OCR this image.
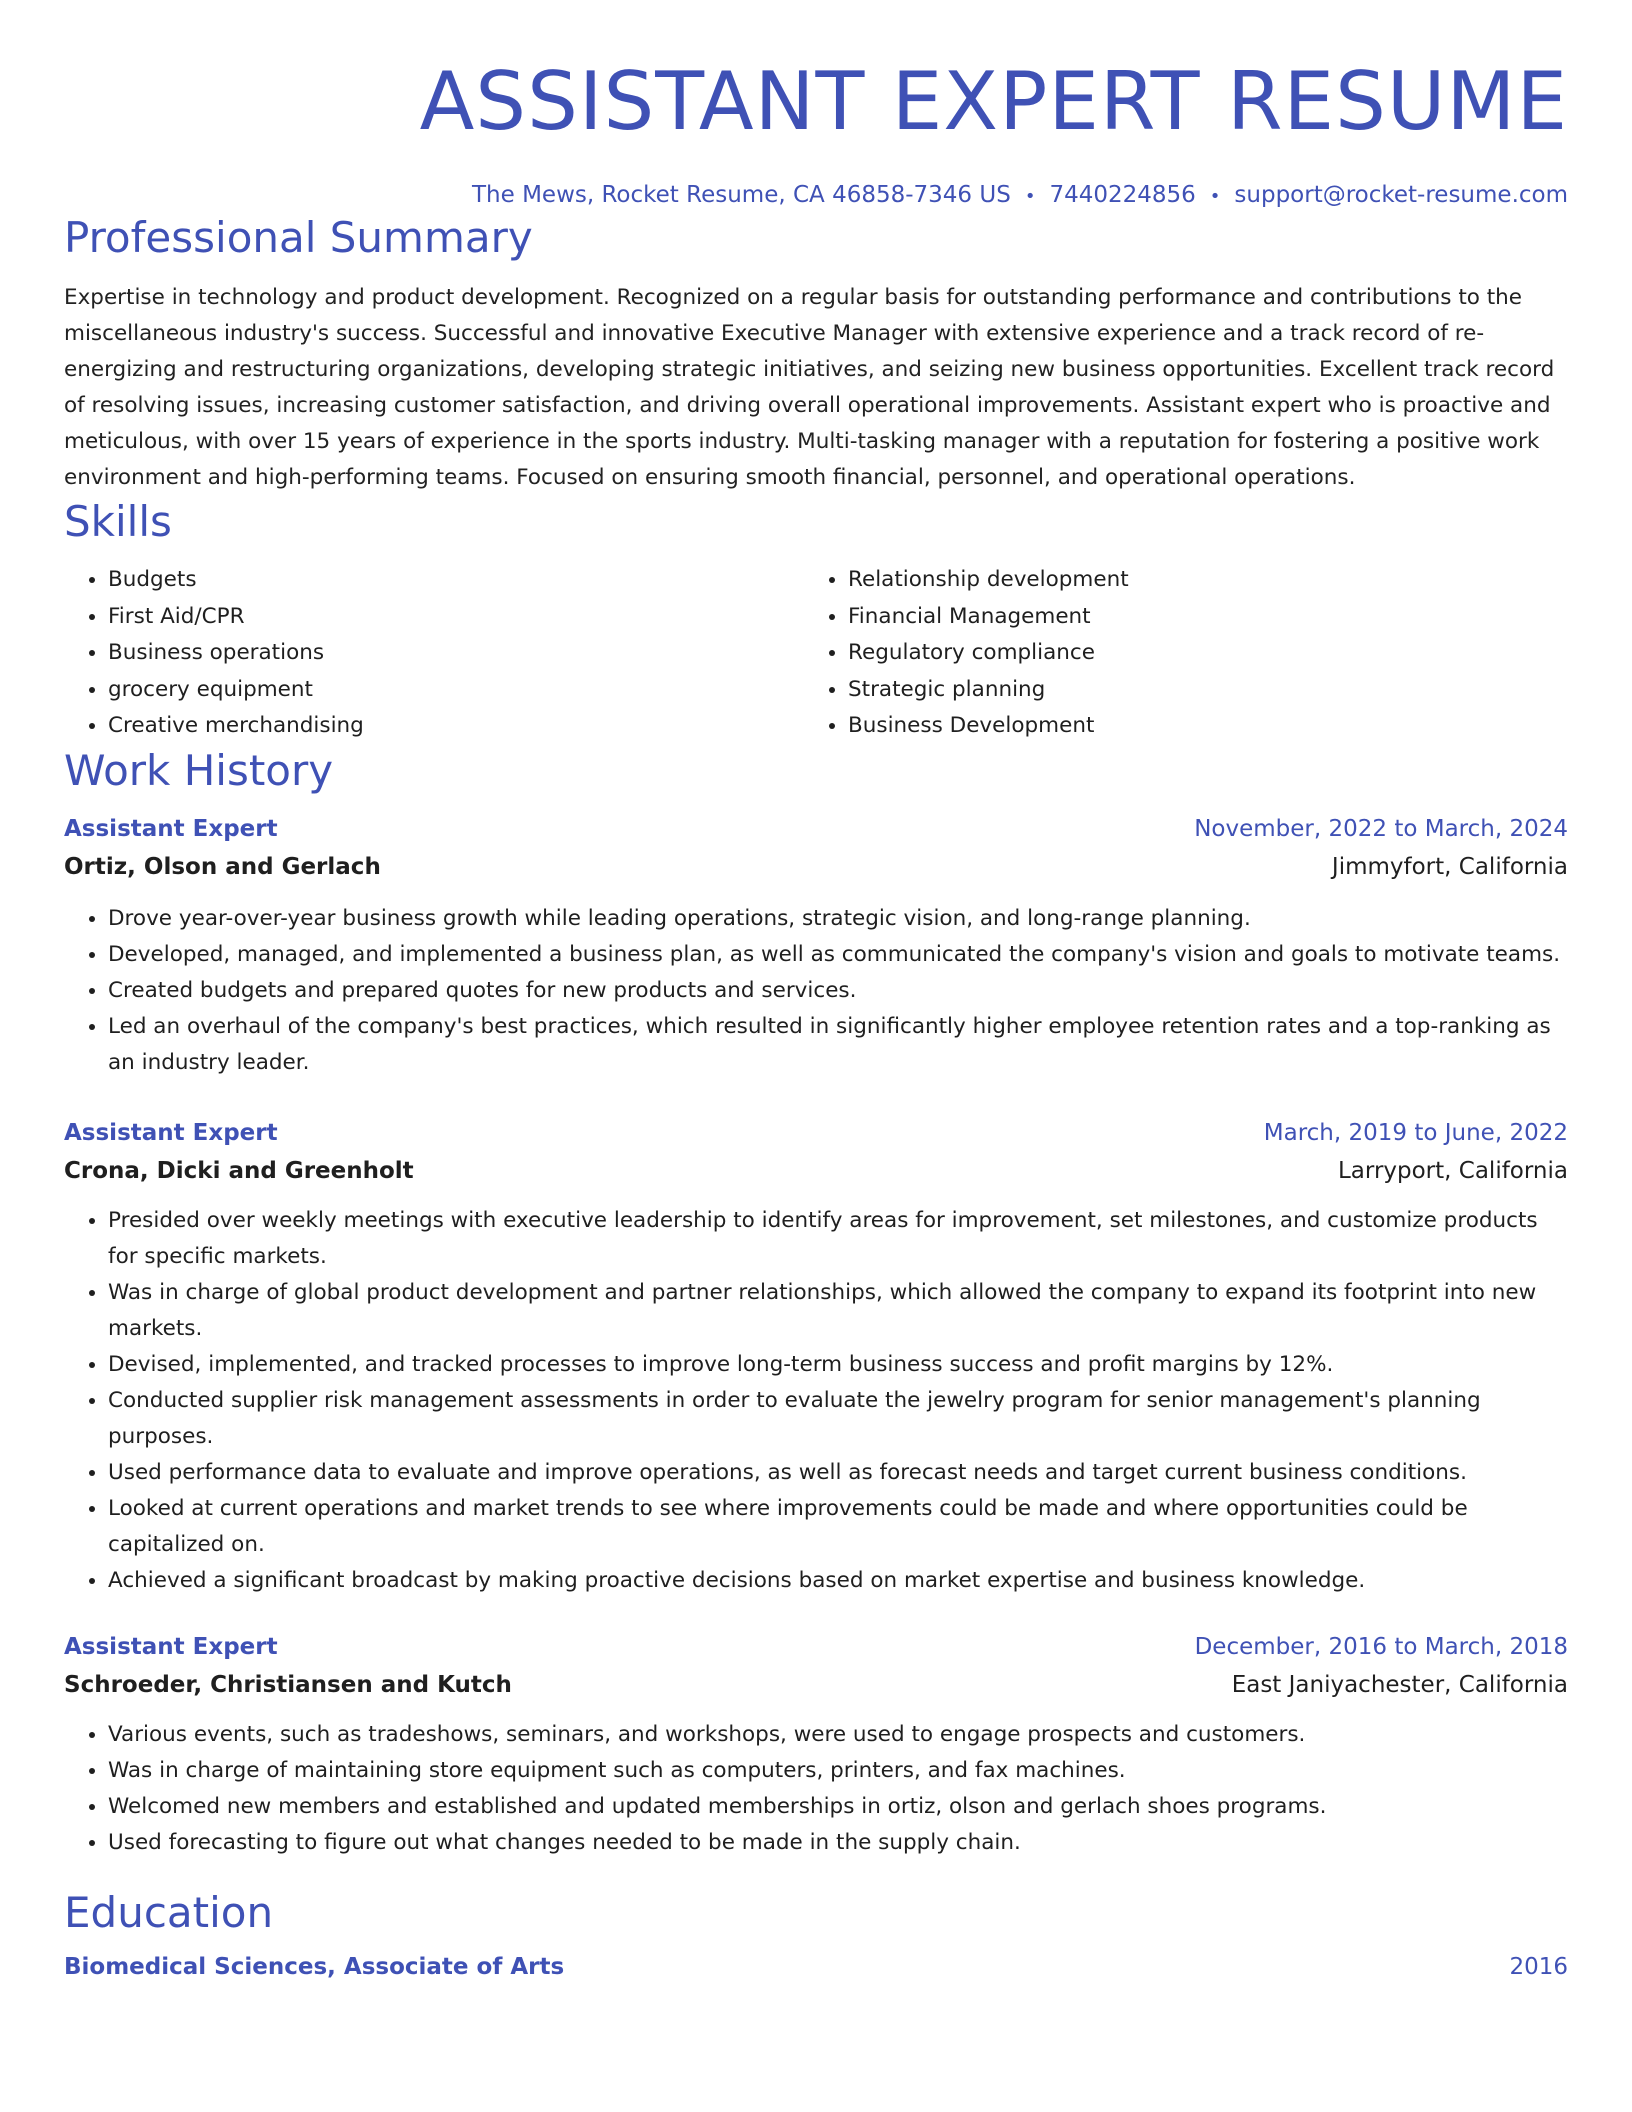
ASSISTANT EXPERT RESUME
The Mews, Rocket Resume, CA 46858-7346 US • 7440224856 • support@rocket-resume.com
Professional Summary
Expertise in technology and product development. Recognized on a regular basis for outstanding performance and contributions to the miscellaneous industry's success. Successful and innovative Executive Manager with extensive experience and a track record of re-energizing and restructuring organizations, developing strategic initiatives, and seizing new business opportunities. Excellent track record of resolving issues, increasing customer satisfaction, and driving overall operational improvements. Assistant expert who is proactive and meticulous, with over 15 years of experience in the sports industry. Multi-tasking manager with a reputation for fostering a positive work environment and high-performing teams. Focused on ensuring smooth financial, personnel, and operational operations.
Skills
• Budgets
• First Aid/CPR
• Business operations
• grocery equipment
• Creative merchandising
• Relationship development
• Financial Management
• Regulatory compliance
• Strategic planning
• Business Development
Work History
Assistant Expert	November, 2022 to March, 2024
Ortiz, Olson and Gerlach	Jimmyfort, California
• Drove year-over-year business growth while leading operations, strategic vision, and long-range planning.
• Developed, managed, and implemented a business plan, as well as communicated the company's vision and goals to motivate teams.
• Created budgets and prepared quotes for new products and services.
• Led an overhaul of the company's best practices, which resulted in significantly higher employee retention rates and a top-ranking as an industry leader.
Assistant Expert	March, 2019 to June, 2022
Crona, Dicki and Greenholt	Larryport, California
• Presided over weekly meetings with executive leadership to identify areas for improvement, set milestones, and customize products for specific markets.
• Was in charge of global product development and partner relationships, which allowed the company to expand its footprint into new markets.
• Devised, implemented, and tracked processes to improve long-term business success and profit margins by 12%.
• Conducted supplier risk management assessments in order to evaluate the jewelry program for senior management's planning purposes.
• Used performance data to evaluate and improve operations, as well as forecast needs and target current business conditions.
• Looked at current operations and market trends to see where improvements could be made and where opportunities could be capitalized on.
• Achieved a significant broadcast by making proactive decisions based on market expertise and business knowledge.
Assistant Expert	December, 2016 to March, 2018
Schroeder, Christiansen and Kutch	East Janiyachester, California
• Various events, such as tradeshows, seminars, and workshops, were used to engage prospects and customers.
• Was in charge of maintaining store equipment such as computers, printers, and fax machines.
• Welcomed new members and established and updated memberships in ortiz, olson and gerlach shoes programs.
• Used forecasting to figure out what changes needed to be made in the supply chain.
Education
Biomedical Sciences, Associate of Arts	2016
